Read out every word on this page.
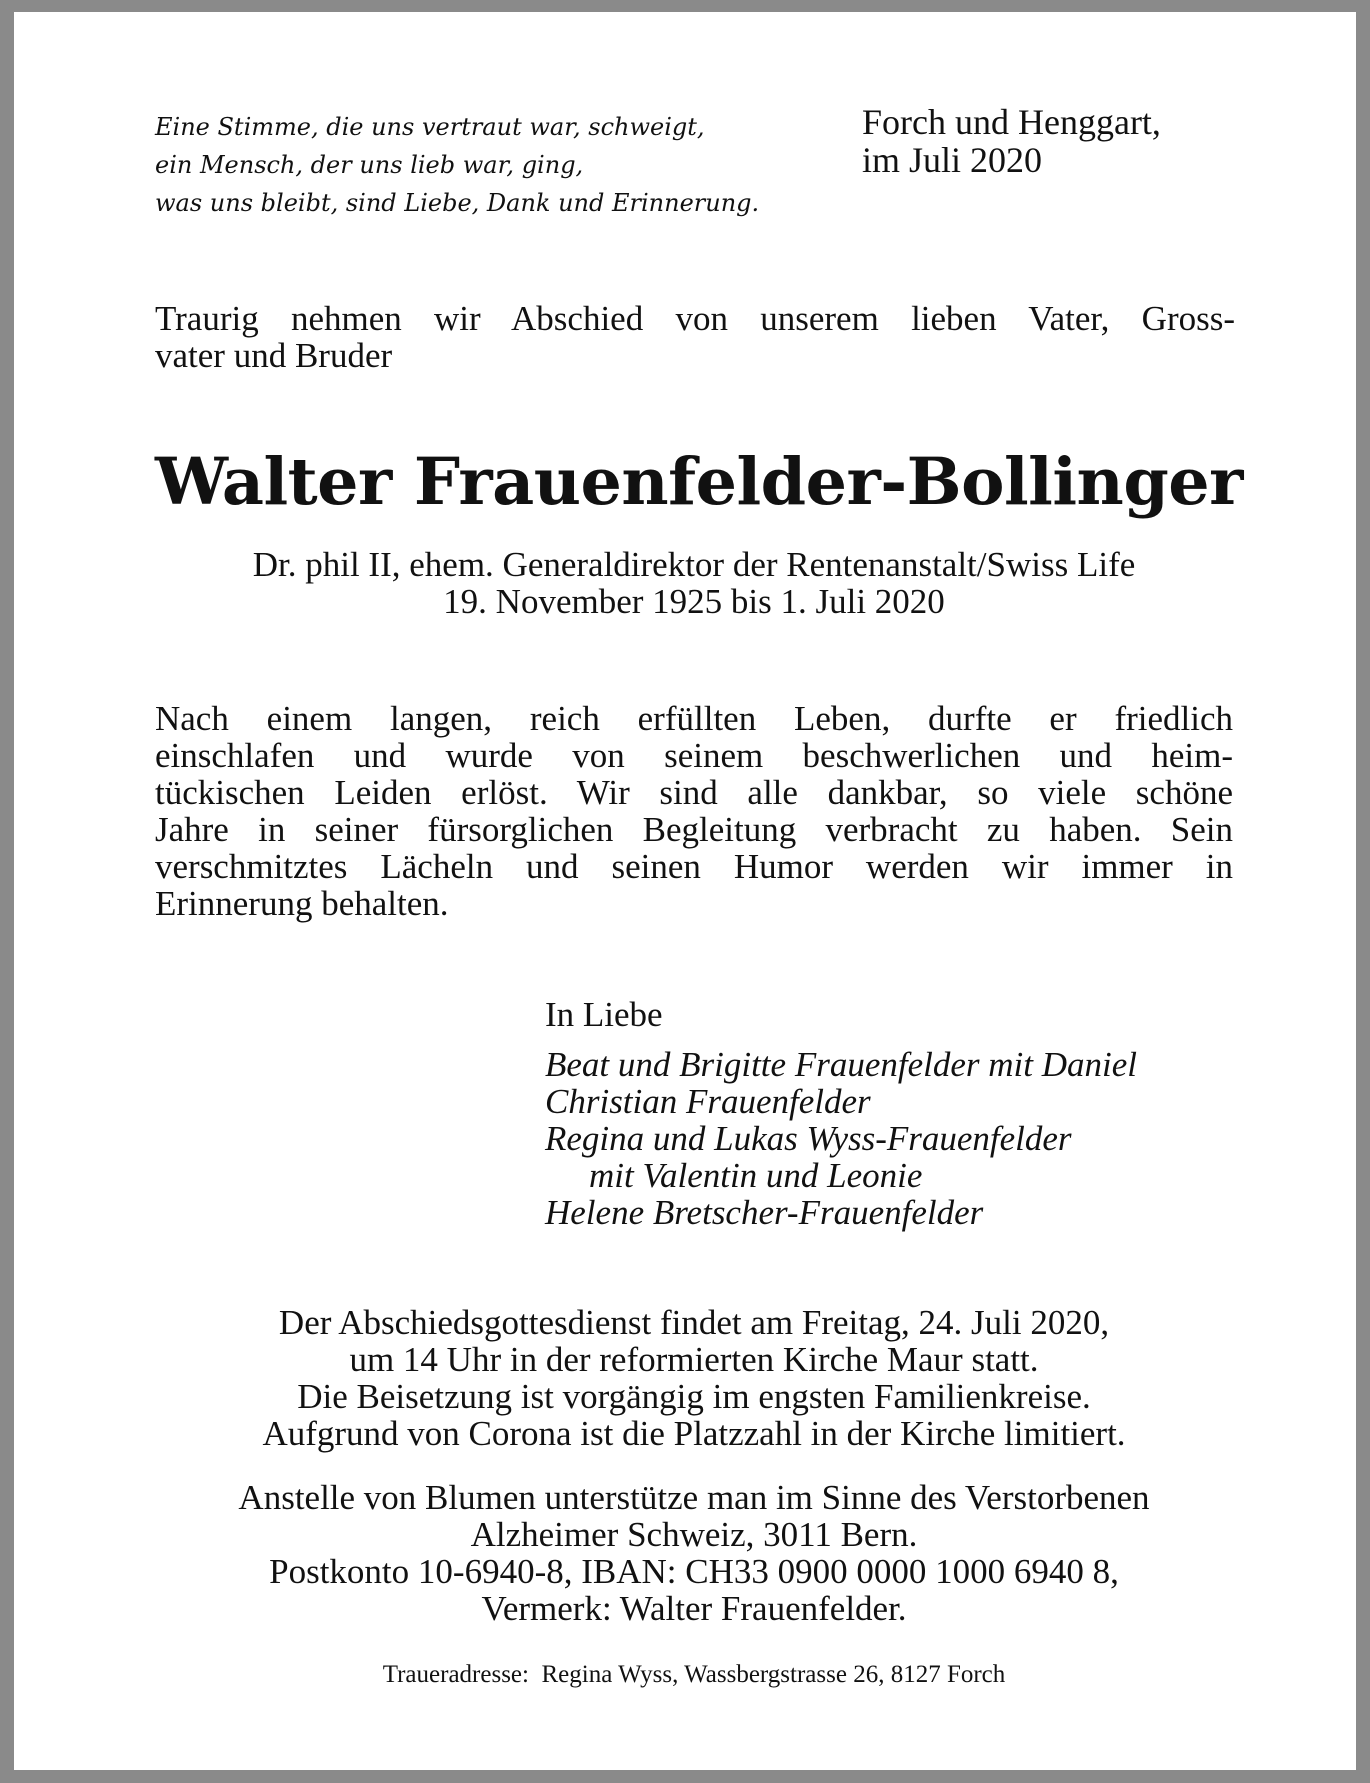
Eine Stimme, die uns vertraut war, schweigt,
ein Mensch, der uns lieb war, ging,
was uns bleibt, sind Liebe, Dank und Erinnerung.
Forch und Henggart,
im Juli 2020
Traurig nehmen wir Abschied von unserem lieben Vater, Gross-
vater und Bruder
Walter Frauenfelder-Bollinger
Dr. phil II, ehem. Generaldirektor der Rentenanstalt/Swiss Life
19. November 1925 bis 1. Juli 2020
Nach einem langen, reich erfüllten Leben, durfte er friedlich
einschlafen und wurde von seinem beschwerlichen und heim-
tückischen Leiden erlöst. Wir sind alle dankbar, so viele schöne
Jahre in seiner fürsorglichen Begleitung verbracht zu haben. Sein
verschmitztes Lächeln und seinen Humor werden wir immer in
Erinnerung behalten.
In Liebe
Beat und Brigitte Frauenfelder mit Daniel
Christian Frauenfelder
Regina und Lukas Wyss-Frauenfelder
mit Valentin und Leonie
Helene Bretscher-Frauenfelder
Der Abschiedsgottesdienst findet am Freitag, 24. Juli 2020,
um 14 Uhr in der reformierten Kirche Maur statt.
Die Beisetzung ist vorgängig im engsten Familienkreise.
Aufgrund von Corona ist die Platzzahl in der Kirche limitiert.
Anstelle von Blumen unterstütze man im Sinne des Verstorbenen
Alzheimer Schweiz, 3011 Bern.
Postkonto 10-6940-8, IBAN: CH33 0900 0000 1000 6940 8,
Vermerk: Walter Frauenfelder.
Traueradresse:  Regina Wyss, Wassbergstrasse 26, 8127 Forch
